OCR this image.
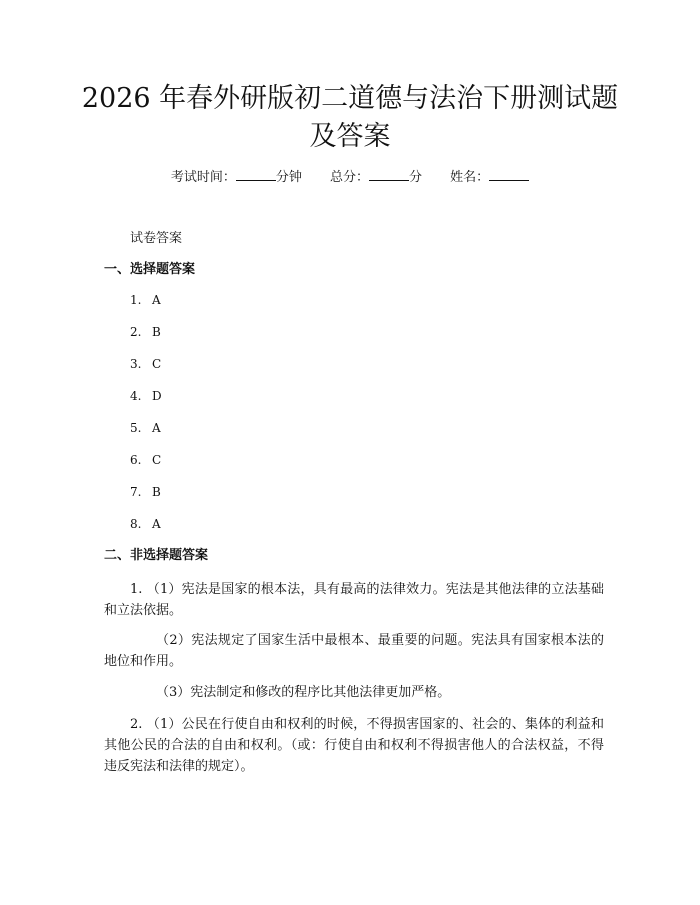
2026 年春外研版初二道德与法治下册测试题
及答案
考试时间：	分钟 总分：	分 姓名：
试卷答案
一、选择题答案
1. A
2. B
3. C
4. D
5. A
6. C
7. B
8. A
二、非选择题答案

1. （1）宪法是国家的根本法，具有最高的法律效力。宪法是其他法律的立法基础和立法依据。

（2）宪法规定了国家生活中最根本、最重要的问题。宪法具有国家根本法的地位和作用。

（3）宪法制定和修改的程序比其他法律更加严格。

2. （1）公民在行使自由和权利的时候，不得损害国家的、社会的、集体的利益和其他公民的合法的自由和权利。（或：行使自由和权利不得损害他人的合法权益，不得违反宪法和法律的规定）。
